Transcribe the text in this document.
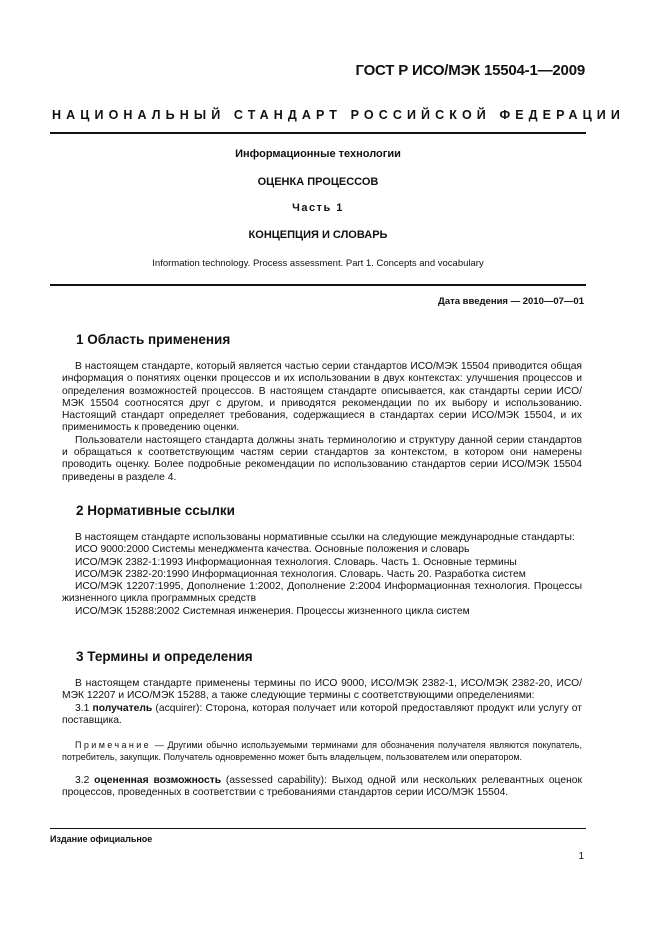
ГОСТ Р ИСО/МЭК 15504-1—2009
НАЦИОНАЛЬНЫЙ СТАНДАРТ РОССИЙСКОЙ ФЕДЕРАЦИИ
Информационные технологии
ОЦЕНКА ПРОЦЕССОВ
Часть 1
КОНЦЕПЦИЯ И СЛОВАРЬ
Information technology. Process assessment. Part 1. Concepts and vocabulary
Дата введения — 2010—07—01
1 Область применения

В настоящем стандарте, который является частью серии стандартов ИСО/МЭК 15504 приводится общая информация о понятиях оценки процессов и их использовании в двух контекстах: улучшения процессов и определения возможностей процессов. В настоящем стандарте описывается, как стандарты серии ИСО/МЭК 15504 соотносятся друг с другом, и приводятся рекомендации по их выбору и использованию. Настоящий стандарт определяет требования, содержащиеся в стандартах серии ИСО/МЭК 15504, и их применимость к проведению оценки.

Пользователи настоящего стандарта должны знать терминологию и структуру данной серии стандартов и обращаться к соответствующим частям серии стандартов за контекстом, в котором они намерены проводить оценку. Более подробные рекомендации по использованию стандартов серии ИСО/МЭК 15504 приведены в разделе 4.

2 Нормативные ссылки

В настоящем стандарте использованы нормативные ссылки на следующие международные стандарты:

ИСО 9000:2000 Системы менеджмента качества. Основные положения и словарь

ИСО/МЭК 2382-1:1993 Информационная технология. Словарь. Часть 1. Основные термины

ИСО/МЭК 2382-20:1990 Информационная технология. Словарь. Часть 20. Разработка систем

ИСО/МЭК 12207:1995, Дополнение 1:2002, Дополнение 2:2004 Информационная технология. Процессы жизненного цикла программных средств

ИСО/МЭК 15288:2002 Системная инженерия. Процессы жизненного цикла систем

3 Термины и определения

В настоящем стандарте применены термины по ИСО 9000, ИСО/МЭК 2382-1, ИСО/МЭК 2382-20, ИСО/МЭК 12207 и ИСО/МЭК 15288, а также следующие термины с соответствующими определениями:

3.1 получатель (acquirer): Сторона, которая получает или которой предоставляют продукт или услугу от поставщика.

Примечание — Другими обычно используемыми терминами для обозначения получателя являются покупатель, потребитель, закупщик. Получатель одновременно может быть владельцем, пользователем или оператором.

3.2 оцененная возможность (assessed capability): Выход одной или нескольких релевантных оценок процессов, проведенных в соответствии с требованиями стандартов серии ИСО/МЭК 15504.

Издание официальное
1
